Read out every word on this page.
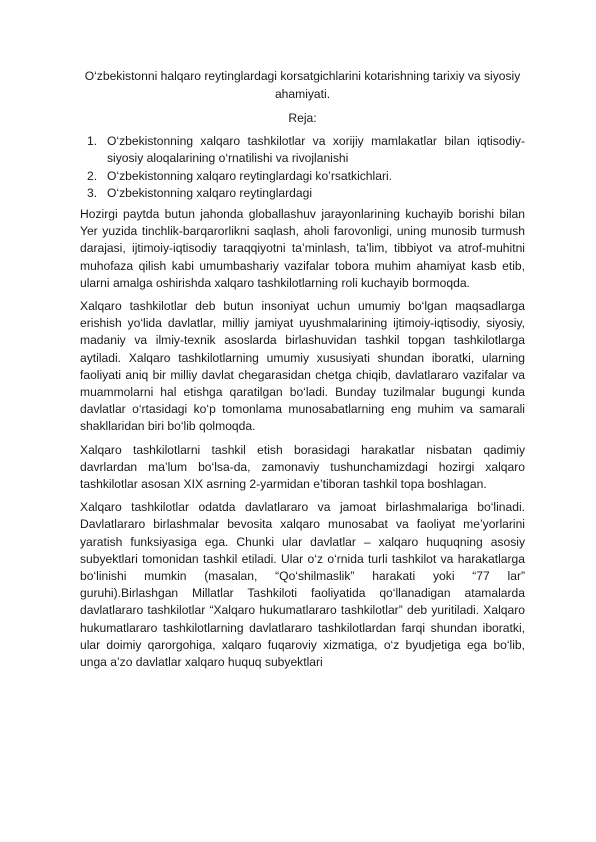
O‘zbekistonni halqaro reytinglardagi korsatgichlarini kotarishning tarixiy va siyosiy ahamiyati.

Reja:

1. O‘zbekistonning xalqaro tashkilotlar va xorijiy mamlakatlar bilan iqtisodiy-siyosiy aloqalarining o‘rnatilishi va rivojlanishi
2. O‘zbekistonning xalqaro reytinglardagi ko’rsatkichlari.
3. O‘zbekistonning xalqaro reytinglardagi

Hozirgi paytda butun jahonda globallashuv jarayonlarining kuchayib borishi bilan Yer yuzida tinchlik-barqarorlikni saqlash, aholi farovonligi, uning munosib turmush darajasi, ijtimoiy-iqtisodiy taraqqiyotni ta’minlash, ta’lim, tibbiyot va atrof-muhitni muhofaza qilish kabi umumbashariy vazifalar tobora muhim ahamiyat kasb etib, ularni amalga oshirishda xalqaro tashkilotlarning roli kuchayib bormoqda.

Xalqaro tashkilotlar deb butun insoniyat uchun umumiy bo‘lgan maqsadlarga erishish yo‘lida davlatlar, milliy jamiyat uyushmalarining ijtimoiy-iqtisodiy, siyosiy, madaniy va ilmiy-texnik asoslarda birlashuvidan tashkil topgan tashkilotlarga aytiladi. Xalqaro tashkilotlarning umumiy xususiyati shundan iboratki, ularning faoliyati aniq bir milliy davlat chegarasidan chetga chiqib, davlatlararo vazifalar va muammolarni hal etishga qaratilgan bo‘ladi. Bunday tuzilmalar bugungi kunda davlatlar o‘rtasidagi ko‘p tomonlama munosabatlarning eng muhim va samarali shakllaridan biri bo‘lib qolmoqda.

Xalqaro tashkilotlarni tashkil etish borasidagi harakatlar nisbatan qadimiy davrlardan ma’lum bo‘lsa-da, zamonaviy tushunchamizdagi hozirgi xalqaro tashkilotlar asosan XIX asrning 2-yarmidan e’tiboran tashkil topa boshlagan.

Xalqaro tashkilotlar odatda davlatlararo va jamoat birlashmalariga bo‘linadi. Davlatlararo birlashmalar bevosita xalqaro munosabat va faoliyat me’yorlarini yaratish funksiyasiga ega. Chunki ular davlatlar – xalqaro huquqning asosiy subyektlari tomonidan tashkil etiladi. Ular o‘z o‘rnida turli tashkilot va harakatlarga bo‘linishi mumkin (masalan, “Qo‘shilmaslik” harakati yoki “77 lar” guruhi).Birlashgan Millatlar Tashkiloti faoliyatida qo‘llanadigan atamalarda davlatlararo tashkilotlar “Xalqaro hukumatlararo tashkilotlar” deb yuritiladi. Xalqaro hukumatlararo tashkilotlarning davlatlararo tashkilotlardan farqi shundan iboratki, ular doimiy qarorgohiga, xalqaro fuqaroviy xizmatiga, o‘z byudjetiga ega bo‘lib, unga a’zo davlatlar xalqaro huquq subyektlari
